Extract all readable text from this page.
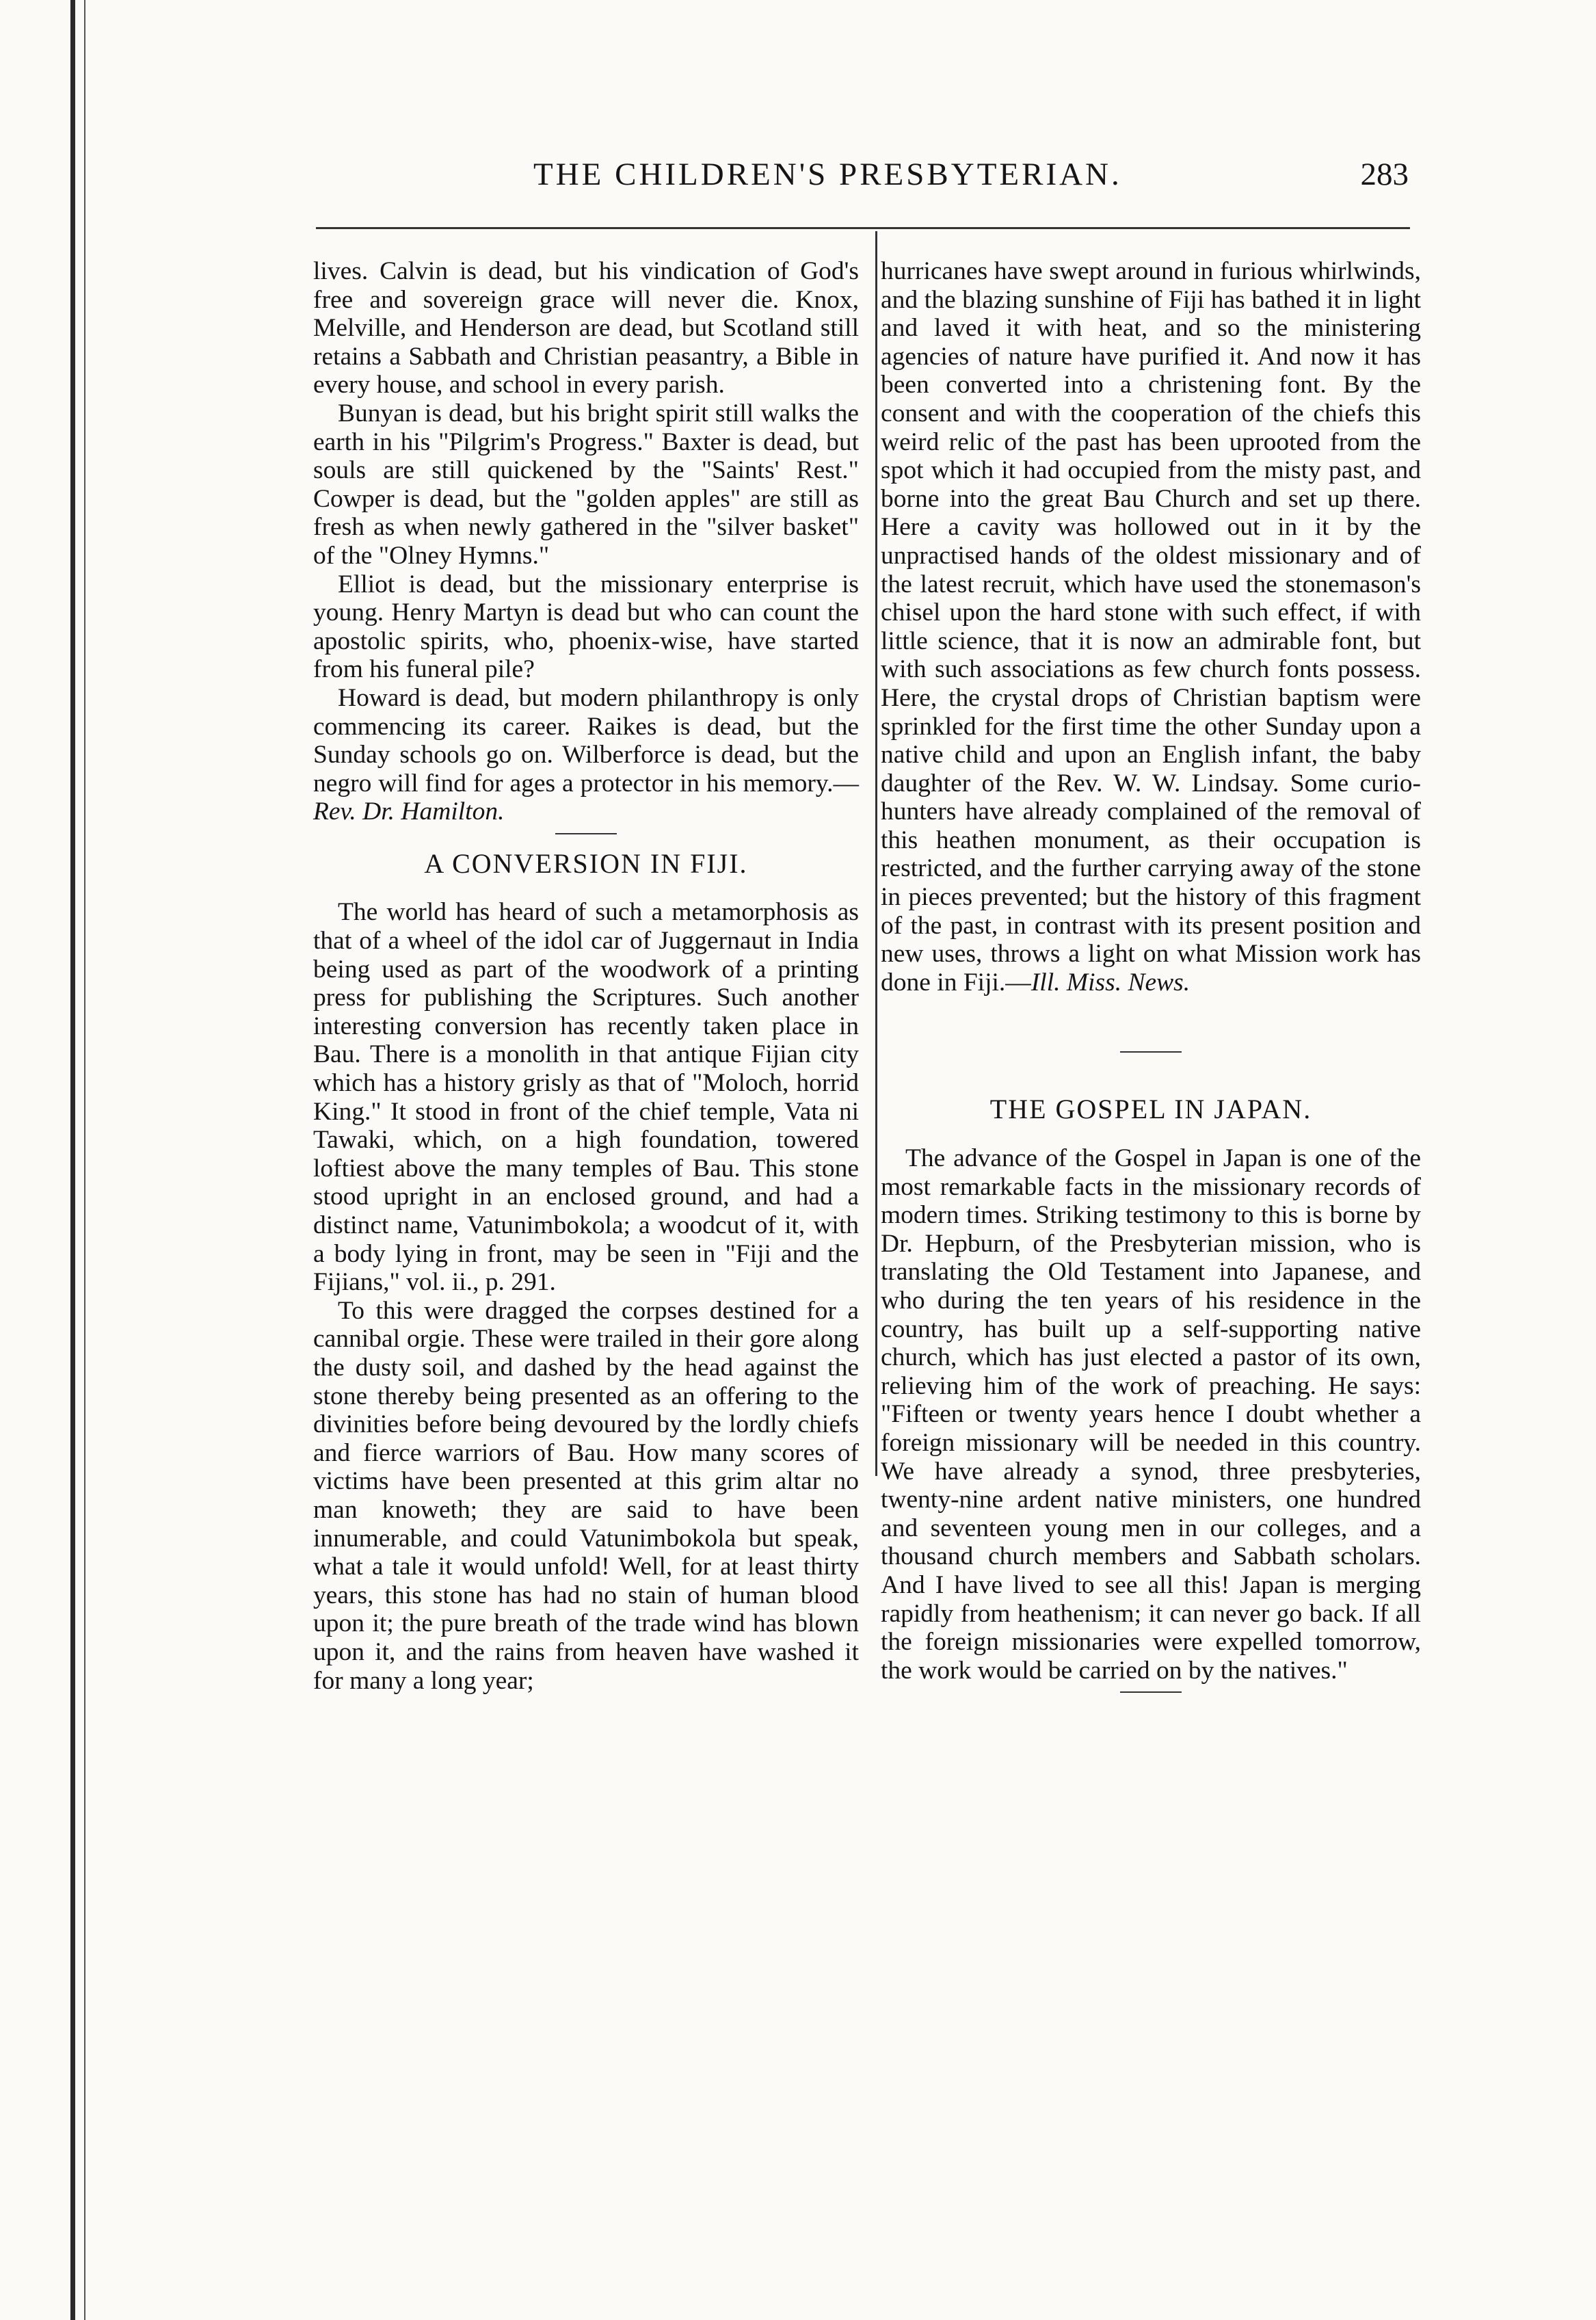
THE CHILDREN'S PRESBYTERIAN.	283

lives. Calvin is dead, but his vindication of God's free and sovereign grace will never die. Knox, Melville, and Henderson are dead, but Scotland still retains a Sabbath and Christian peasantry, a Bible in every house, and school in every parish.

Bunyan is dead, but his bright spirit still walks the earth in his "Pilgrim's Progress." Baxter is dead, but souls are still quickened by the "Saints' Rest." Cowper is dead, but the "golden apples" are still as fresh as when newly gathered in the "silver basket" of the "Olney Hymns."

Elliot is dead, but the missionary enterprise is young. Henry Martyn is dead but who can count the apostolic spirits, who, phoenix-wise, have started from his funeral pile?

Howard is dead, but modern philanthropy is only commencing its career. Raikes is dead, but the Sunday schools go on. Wilberforce is dead, but the negro will find for ages a protector in his memory.—Rev. Dr. Hamilton.

A CONVERSION IN FIJI.

The world has heard of such a metamorphosis as that of a wheel of the idol car of Juggernaut in India being used as part of the woodwork of a printing press for publishing the Scriptures. Such another interesting conversion has recently taken place in Bau. There is a monolith in that antique Fijian city which has a history grisly as that of "Moloch, horrid King." It stood in front of the chief temple, Vata ni Tawaki, which, on a high foundation, towered loftiest above the many temples of Bau. This stone stood upright in an enclosed ground, and had a distinct name, Vatunimbokola; a woodcut of it, with a body lying in front, may be seen in "Fiji and the Fijians," vol. ii., p. 291.

To this were dragged the corpses destined for a cannibal orgie. These were trailed in their gore along the dusty soil, and dashed by the head against the stone thereby being presented as an offering to the divinities before being devoured by the lordly chiefs and fierce warriors of Bau. How many scores of victims have been presented at this grim altar no man knoweth; they are said to have been innumerable, and could Vatunimbokola but speak, what a tale it would unfold! Well, for at least thirty years, this stone has had no stain of human blood upon it; the pure breath of the trade wind has blown upon it, and the rains from heaven have washed it for many a long year;

hurricanes have swept around in furious whirlwinds, and the blazing sunshine of Fiji has bathed it in light and laved it with heat, and so the ministering agencies of nature have purified it. And now it has been converted into a christening font. By the consent and with the cooperation of the chiefs this weird relic of the past has been uprooted from the spot which it had occupied from the misty past, and borne into the great Bau Church and set up there. Here a cavity was hollowed out in it by the unpractised hands of the oldest missionary and of the latest recruit, which have used the stonemason's chisel upon the hard stone with such effect, if with little science, that it is now an admirable font, but with such associations as few church fonts possess. Here, the crystal drops of Christian baptism were sprinkled for the first time the other Sunday upon a native child and upon an English infant, the baby daughter of the Rev. W. W. Lindsay. Some curio-hunters have already complained of the removal of this heathen monument, as their occupation is restricted, and the further carrying away of the stone in pieces prevented; but the history of this fragment of the past, in contrast with its present position and new uses, throws a light on what Mission work has done in Fiji.—Ill. Miss. News.

THE GOSPEL IN JAPAN.

The advance of the Gospel in Japan is one of the most remarkable facts in the missionary records of modern times. Striking testimony to this is borne by Dr. Hepburn, of the Presbyterian mission, who is translating the Old Testament into Japanese, and who during the ten years of his residence in the country, has built up a self-supporting native church, which has just elected a pastor of its own, relieving him of the work of preaching. He says: "Fifteen or twenty years hence I doubt whether a foreign missionary will be needed in this country. We have already a synod, three presbyteries, twenty-nine ardent native ministers, one hundred and seventeen young men in our colleges, and a thousand church members and Sabbath scholars. And I have lived to see all this! Japan is merging rapidly from heathenism; it can never go back. If all the foreign missionaries were expelled tomorrow, the work would be carried on by the natives."
